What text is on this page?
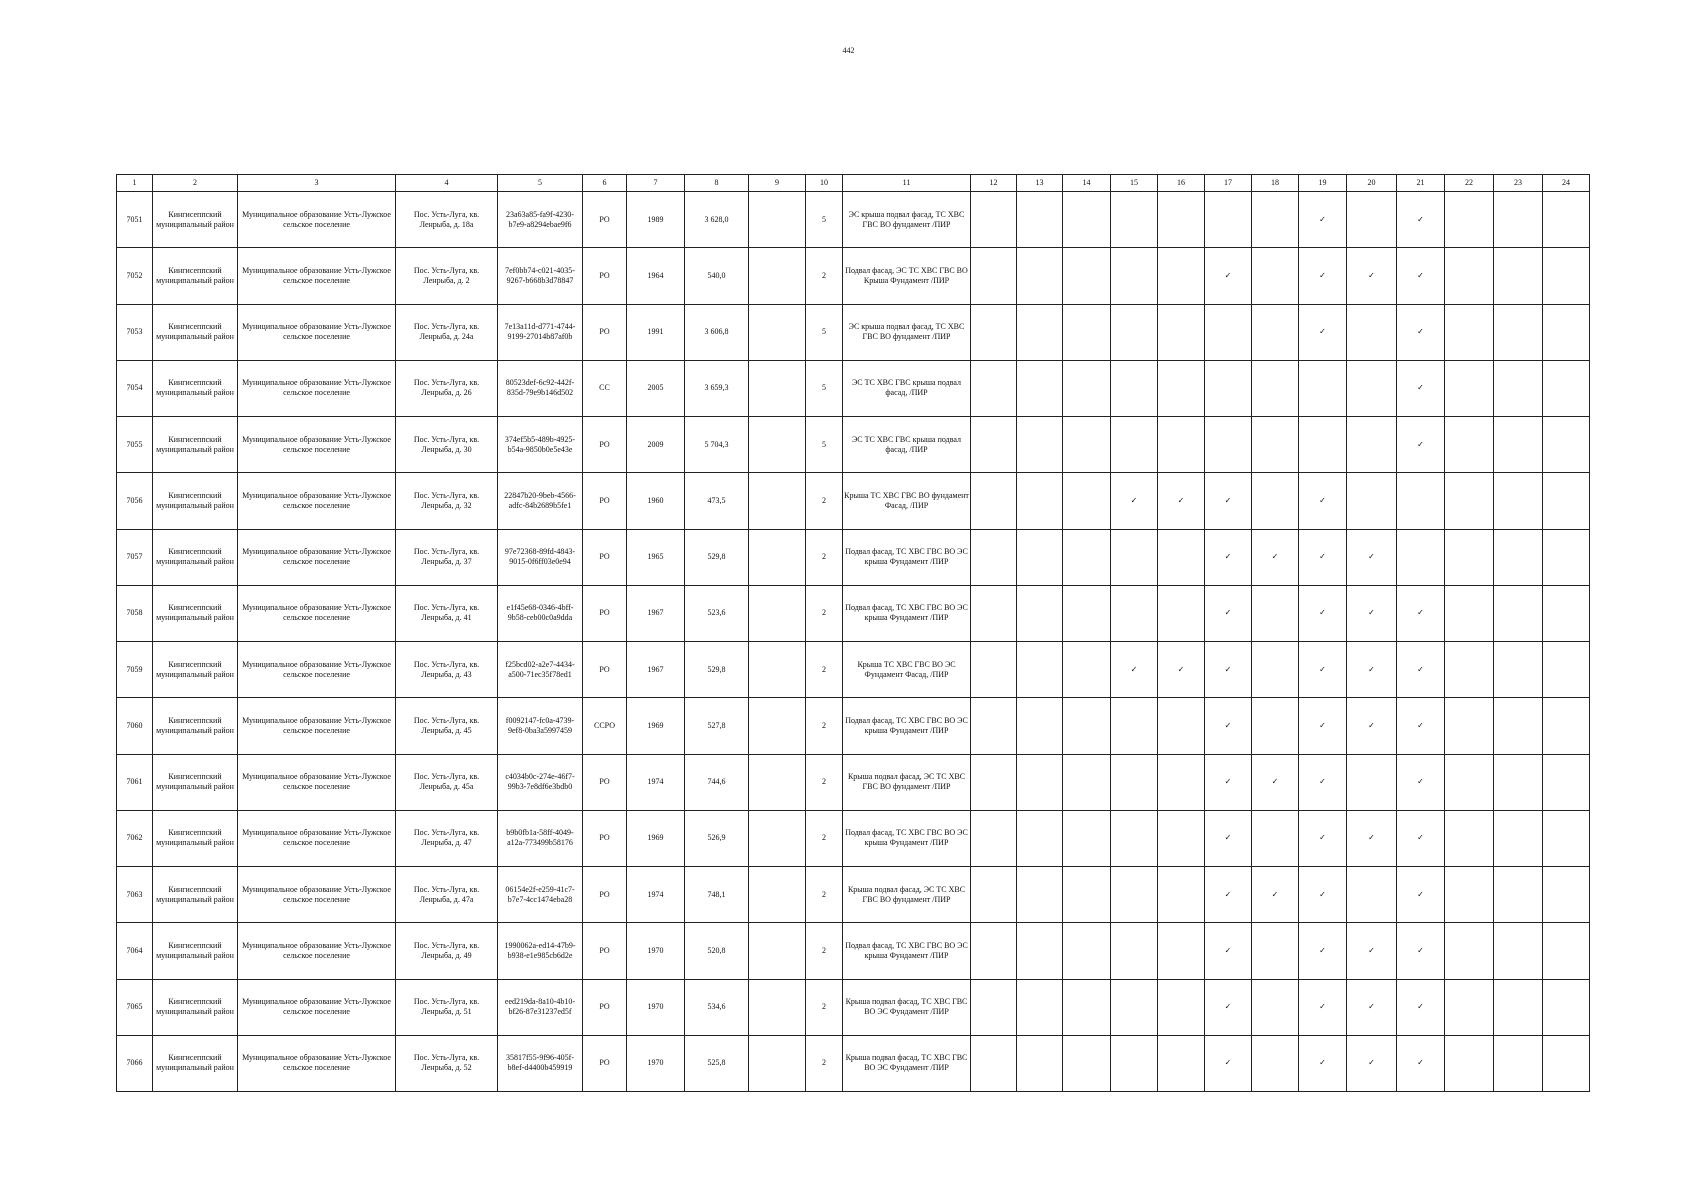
442
1	2	3	4	5	6	7	8	9	10	11	12	13	14	15	16	17	18	19	20	21	22	23	24
7051	Кингисеппский муниципальный район	Муниципальное образование Усть-Лужское сельское поселение	Пос. Усть-Луга, кв. Ленрыба, д. 18а	23a63a85-fa9f-4230-b7e9-a8294ebae9f6	РО	1989	3 628,0		5	ЭС крыша подвал фасад, ТС ХВС ГВС ВО фундамент /ПИР								✓		✓			
7052	Кингисеппский муниципальный район	Муниципальное образование Усть-Лужское сельское поселение	Пос. Усть-Луга, кв. Ленрыба, д. 2	7ef0bb74-c021-4035-9267-b668b3d78847	РО	1964	540,0		2	Подвал фасад, ЭС ТС ХВС ГВС ВО Крыша Фундамент /ПИР						✓		✓	✓	✓			
7053	Кингисеппский муниципальный район	Муниципальное образование Усть-Лужское сельское поселение	Пос. Усть-Луга, кв. Ленрыба, д. 24а	7e13a11d-d771-4744-9199-27014b87af0b	РО	1991	3 606,8		5	ЭС крыша подвал фасад, ТС ХВС ГВС ВО фундамент /ПИР								✓		✓			
7054	Кингисеппский муниципальный район	Муниципальное образование Усть-Лужское сельское поселение	Пос. Усть-Луга, кв. Ленрыба, д. 26	80523def-6c92-442f-835d-79e9b146d502	СС	2005	3 659,3		5	ЭС ТС ХВС ГВС крыша подвал фасад, /ПИР										✓			
7055	Кингисеппский муниципальный район	Муниципальное образование Усть-Лужское сельское поселение	Пос. Усть-Луга, кв. Ленрыба, д. 30	374ef5b5-489b-4925-b54a-9850b0e5e43e	РО	2009	5 704,3		5	ЭС ТС ХВС ГВС крыша подвал фасад, /ПИР										✓			
7056	Кингисеппский муниципальный район	Муниципальное образование Усть-Лужское сельское поселение	Пос. Усть-Луга, кв. Ленрыба, д. 32	22847b20-9beb-4566-adfc-84b2689b5fe1	РО	1960	473,5		2	Крыша ТС ХВС ГВС ВО фундамент Фасад, /ПИР				✓	✓	✓		✓					
7057	Кингисеппский муниципальный район	Муниципальное образование Усть-Лужское сельское поселение	Пос. Усть-Луга, кв. Ленрыба, д. 37	97e72368-89fd-4843-9015-0f6ff03e0e94	РО	1965	529,8		2	Подвал фасад, ТС ХВС ГВС ВО ЭС крыша Фундамент /ПИР						✓	✓	✓	✓				
7058	Кингисеппский муниципальный район	Муниципальное образование Усть-Лужское сельское поселение	Пос. Усть-Луга, кв. Ленрыба, д. 41	e1f45e68-0346-4bff-9b58-ceb00c0a9dda	РО	1967	523,6		2	Подвал фасад, ТС ХВС ГВС ВО ЭС крыша Фундамент /ПИР						✓		✓	✓	✓			
7059	Кингисеппский муниципальный район	Муниципальное образование Усть-Лужское сельское поселение	Пос. Усть-Луга, кв. Ленрыба, д. 43	f25bcd02-a2e7-4434-a500-71ec35f78ed1	РО	1967	529,8		2	Крыша ТС ХВС ГВС ВО ЭС Фундамент Фасад, /ПИР				✓	✓	✓		✓	✓	✓			
7060	Кингисеппский муниципальный район	Муниципальное образование Усть-Лужское сельское поселение	Пос. Усть-Луга, кв. Ленрыба, д. 45	f0092147-fc0a-4739-9ef8-0ba3a5997459	ССРО	1969	527,8		2	Подвал фасад, ТС ХВС ГВС ВО ЭС крыша Фундамент /ПИР						✓		✓	✓	✓			
7061	Кингисеппский муниципальный район	Муниципальное образование Усть-Лужское сельское поселение	Пос. Усть-Луга, кв. Ленрыба, д. 45а	c4034b0c-274e-46f7-99b3-7e8df6e3bdb0	РО	1974	744,6		2	Крыша подвал фасад, ЭС ТС ХВС ГВС ВО фундамент /ПИР						✓	✓	✓		✓			
7062	Кингисеппский муниципальный район	Муниципальное образование Усть-Лужское сельское поселение	Пос. Усть-Луга, кв. Ленрыба, д. 47	b9b0fb1a-58ff-4049-a12a-773499b58176	РО	1969	526,9		2	Подвал фасад, ТС ХВС ГВС ВО ЭС крыша Фундамент /ПИР						✓		✓	✓	✓			
7063	Кингисеппский муниципальный район	Муниципальное образование Усть-Лужское сельское поселение	Пос. Усть-Луга, кв. Ленрыба, д. 47а	06154e2f-e259-41c7-b7e7-4cc1474eba28	РО	1974	748,1		2	Крыша подвал фасад, ЭС ТС ХВС ГВС ВО фундамент /ПИР						✓	✓	✓		✓			
7064	Кингисеппский муниципальный район	Муниципальное образование Усть-Лужское сельское поселение	Пос. Усть-Луга, кв. Ленрыба, д. 49	1990062a-ed14-47b9-b938-e1e985cb6d2e	РО	1970	520,8		2	Подвал фасад, ТС ХВС ГВС ВО ЭС крыша Фундамент /ПИР						✓		✓	✓	✓			
7065	Кингисеппский муниципальный район	Муниципальное образование Усть-Лужское сельское поселение	Пос. Усть-Луга, кв. Ленрыба, д. 51	eed219da-8a10-4b10-bf26-87e31237ed5f	РО	1970	534,6		2	Крыша подвал фасад, ТС ХВС ГВС ВО ЭС Фундамент /ПИР						✓		✓	✓	✓			
7066	Кингисеппский муниципальный район	Муниципальное образование Усть-Лужское сельское поселение	Пос. Усть-Луга, кв. Ленрыба, д. 52	35817f55-9f96-405f-b8ef-d4400b459919	РО	1970	525,8		2	Крыша подвал фасад, ТС ХВС ГВС ВО ЭС Фундамент /ПИР						✓		✓	✓	✓			
